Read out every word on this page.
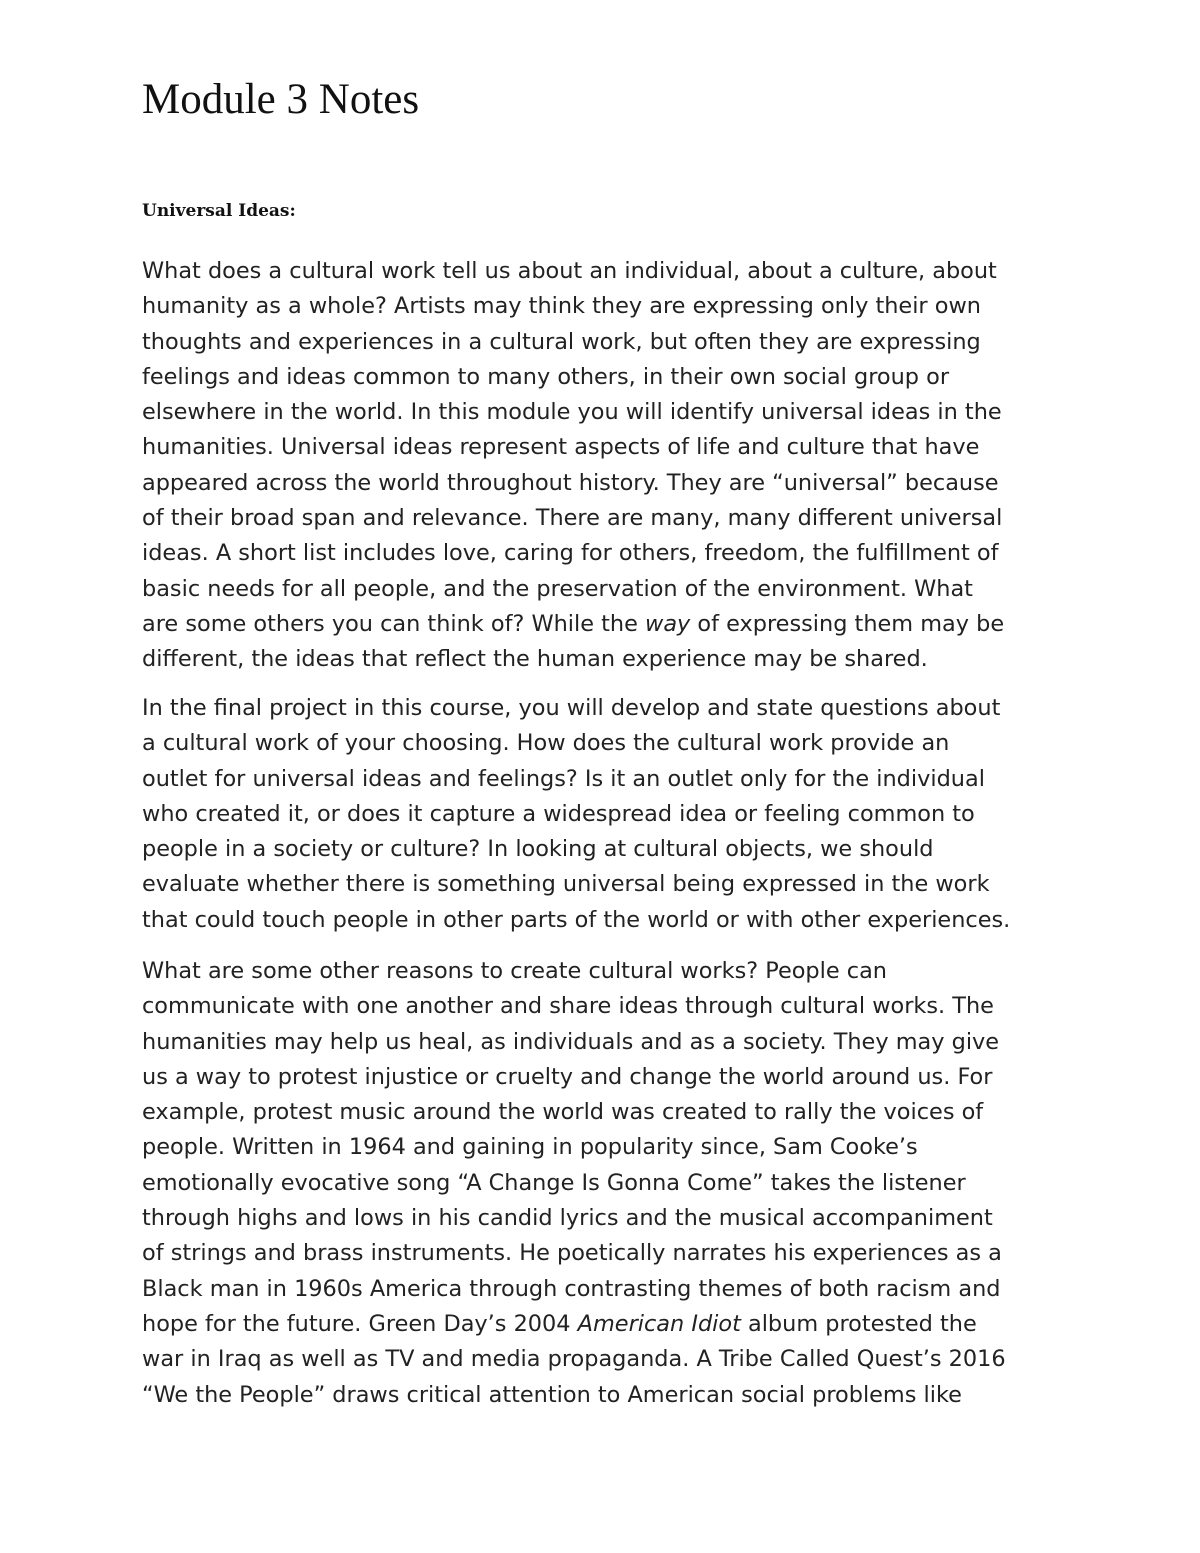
Module 3 Notes
Universal Ideas:

What does a cultural work tell us about an individual, about a culture, about
humanity as a whole? Artists may think they are expressing only their own
thoughts and experiences in a cultural work, but often they are expressing
feelings and ideas common to many others, in their own social group or
elsewhere in the world. In this module you will identify universal ideas in the
humanities. Universal ideas represent aspects of life and culture that have
appeared across the world throughout history. They are “universal” because
of their broad span and relevance. There are many, many different universal
ideas. A short list includes love, caring for others, freedom, the fulfillment of
basic needs for all people, and the preservation of the environment. What
are some others you can think of? While the way of expressing them may be
different, the ideas that reflect the human experience may be shared.

In the final project in this course, you will develop and state questions about
a cultural work of your choosing. How does the cultural work provide an
outlet for universal ideas and feelings? Is it an outlet only for the individual
who created it, or does it capture a widespread idea or feeling common to
people in a society or culture? In looking at cultural objects, we should
evaluate whether there is something universal being expressed in the work
that could touch people in other parts of the world or with other experiences.

What are some other reasons to create cultural works? People can
communicate with one another and share ideas through cultural works. The
humanities may help us heal, as individuals and as a society. They may give
us a way to protest injustice or cruelty and change the world around us. For
example, protest music around the world was created to rally the voices of
people. Written in 1964 and gaining in popularity since, Sam Cooke’s
emotionally evocative song “A Change Is Gonna Come” takes the listener
through highs and lows in his candid lyrics and the musical accompaniment
of strings and brass instruments. He poetically narrates his experiences as a
Black man in 1960s America through contrasting themes of both racism and
hope for the future. Green Day’s 2004 American Idiot album protested the
war in Iraq as well as TV and media propaganda. A Tribe Called Quest’s 2016
“We the People” draws critical attention to American social problems like
